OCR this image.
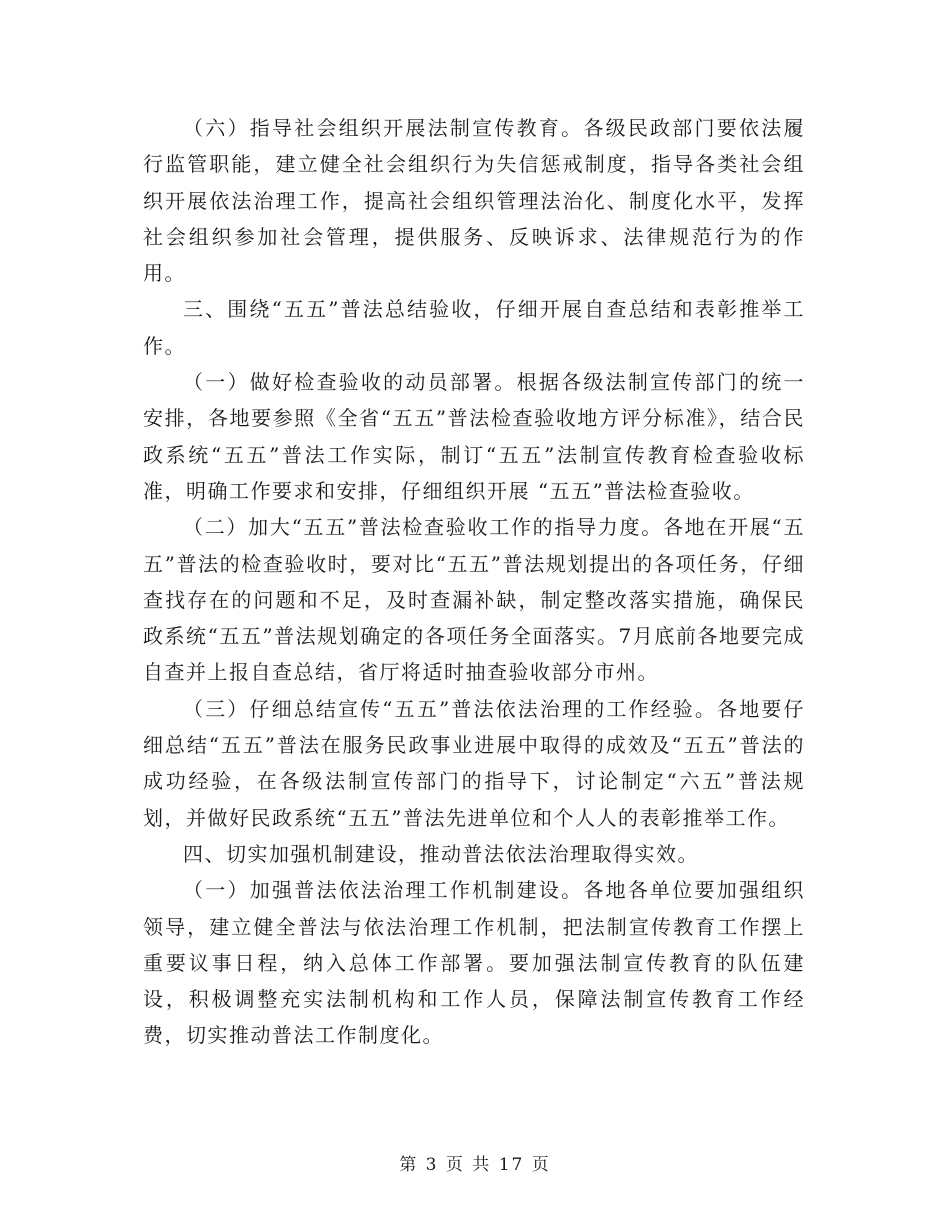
（六）指导社会组织开展法制宣传教育。各级民政部门要依法履行监管职能，建立健全社会组织行为失信惩戒制度，指导各类社会组织开展依法治理工作，提高社会组织管理法治化、制度化水平，发挥社会组织参加社会管理，提供服务、反映诉求、法律规范行为的作用。

三、围绕“五五”普法总结验收，仔细开展自查总结和表彰推举工作。

（一）做好检查验收的动员部署。根据各级法制宣传部门的统一安排，各地要参照《全省“五五”普法检查验收地方评分标准》，结合民政系统“五五”普法工作实际，制订“五五”法制宣传教育检查验收标准，明确工作要求和安排，仔细组织开展 “五五”普法检查验收。

（二）加大“五五”普法检查验收工作的指导力度。各地在开展“五五”普法的检查验收时，要对比“五五”普法规划提出的各项任务，仔细查找存在的问题和不足，及时查漏补缺，制定整改落实措施，确保民政系统“五五”普法规划确定的各项任务全面落实。7月底前各地要完成自查并上报自查总结，省厅将适时抽查验收部分市州。

（三）仔细总结宣传“五五”普法依法治理的工作经验。各地要仔细总结“五五”普法在服务民政事业进展中取得的成效及“五五”普法的成功经验，在各级法制宣传部门的指导下，讨论制定“六五”普法规划，并做好民政系统“五五”普法先进单位和个人人的表彰推举工作。

四、切实加强机制建设，推动普法依法治理取得实效。

（一）加强普法依法治理工作机制建设。各地各单位要加强组织领导，建立健全普法与依法治理工作机制，把法制宣传教育工作摆上重要议事日程，纳入总体工作部署。要加强法制宣传教育的队伍建设，积极调整充实法制机构和工作人员，保障法制宣传教育工作经费，切实推动普法工作制度化。

第 3 页 共 17 页
